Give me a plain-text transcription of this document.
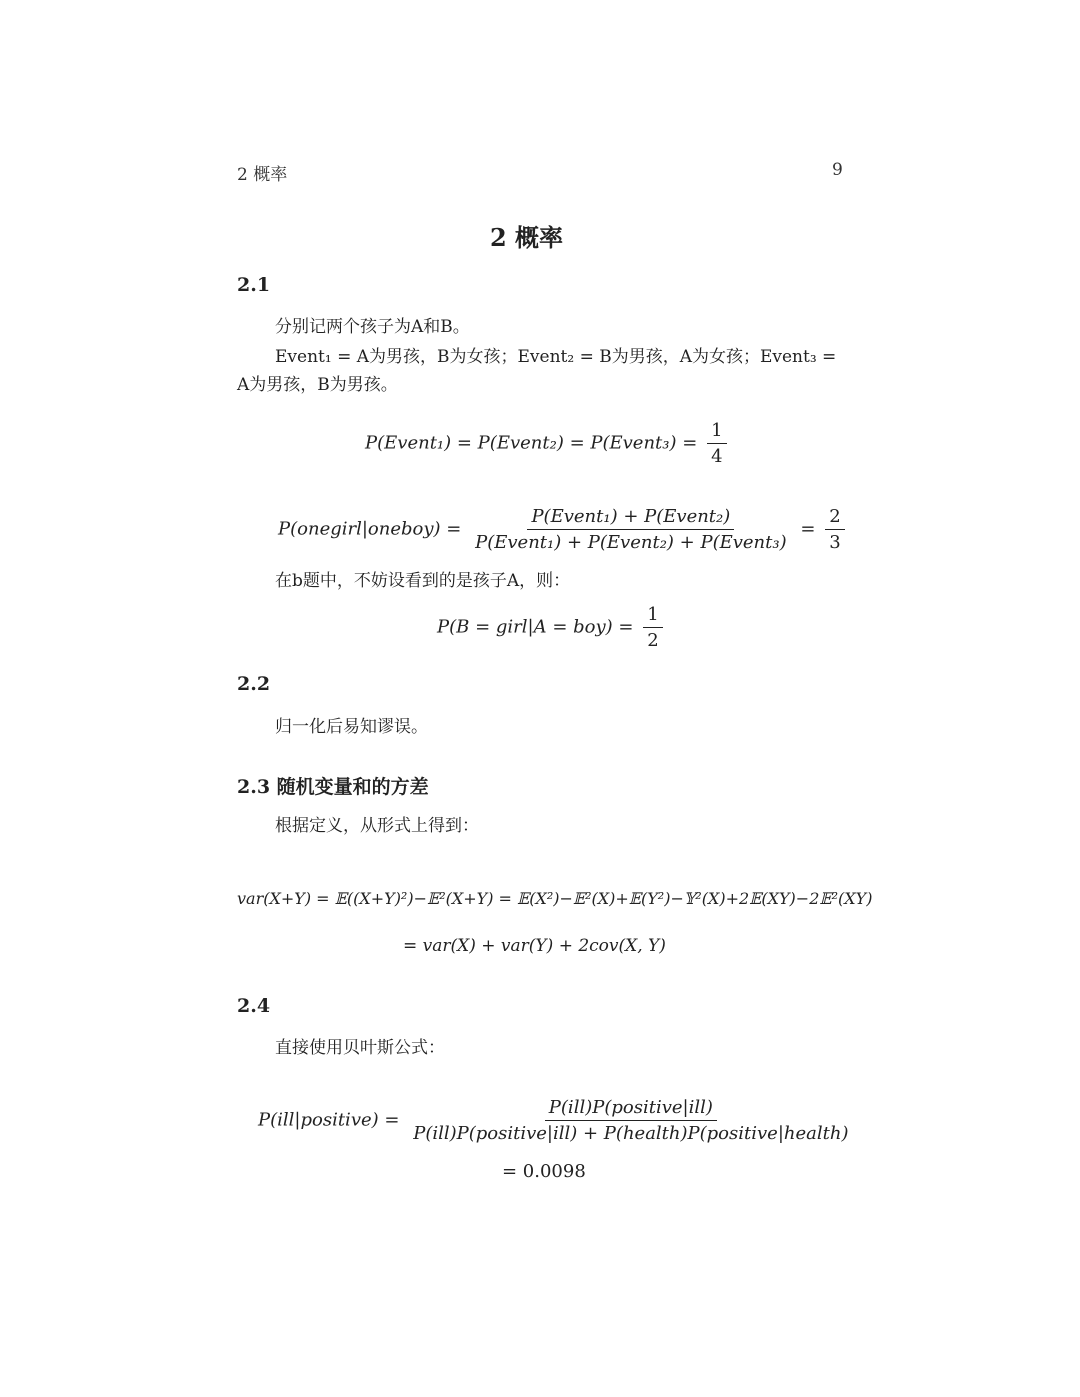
2 概率	9
2 概率
2.1
分别记两个孩子为A和B。
Event₁ = A为男孩，B为女孩；Event₂ = B为男孩，A为女孩；Event₃ =
A为男孩，B为男孩。
P(Event₁) = P(Event₂) = P(Event₃) = $\frac{1}{4}$
P(onegirl|oneboy) = $\frac{\text{P(Event₁) + P(Event₂)}}{\text{P(Event₁) + P(Event₂) + P(Event₃)}} = \frac{2}{3}$
在b题中，不妨设看到的是孩子A，则：
P(B = girl|A = $boy) = \frac{1}{2}$
2.2
归一化后易知谬误。
2.3 随机变量和的方差
根据定义，从形式上得到：
var(X+Y) = 𝔼((X+Y)²)−𝔼²(X+Y) = 𝔼(X²)−𝔼²(X)+𝔼(Y²)−𝕐²(X)+2𝔼(XY)−2𝔼²(XY)
= var(X) + var(Y) + 2cov(X, Y)
2.4
直接使用贝叶斯公式：
P(ill|positive) = $\frac{\text{P(ill)P(positive|ill)}}{\text{P(ill)P(positive|ill) + P(health)P(positive|health)}}$
= 0.0098
